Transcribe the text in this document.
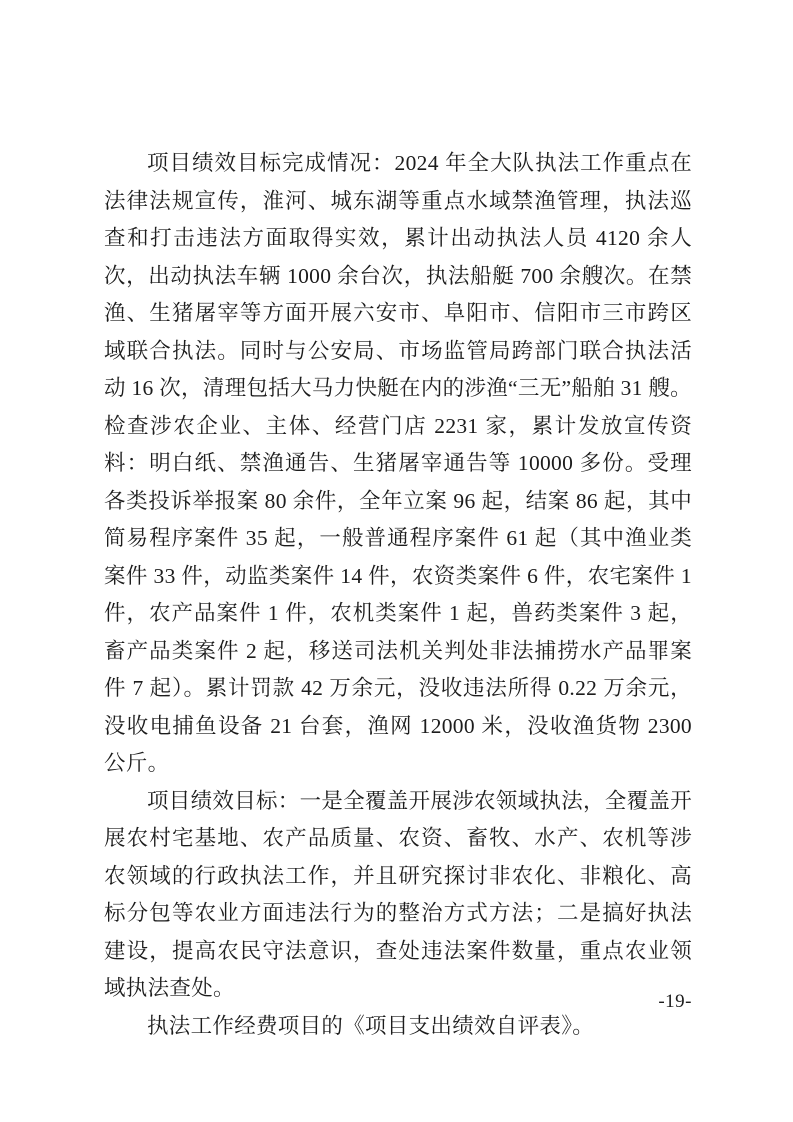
项目绩效目标完成情况：2024 年全大队执法工作重点在法律法规宣传，淮河、城东湖等重点水域禁渔管理，执法巡查和打击违法方面取得实效，累计出动执法人员 4120 余人次，出动执法车辆 1000 余台次，执法船艇 700 余艘次。在禁渔、生猪屠宰等方面开展六安市、阜阳市、信阳市三市跨区域联合执法。同时与公安局、市场监管局跨部门联合执法活动 16 次，清理包括大马力快艇在内的涉渔“三无”船舶 31 艘。检查涉农企业、主体、经营门店 2231 家，累计发放宣传资料：明白纸、禁渔通告、生猪屠宰通告等 10000 多份。受理各类投诉举报案 80 余件，全年立案 96 起，结案 86 起，其中简易程序案件 35 起，一般普通程序案件 61 起（其中渔业类案件 33 件，动监类案件 14 件，农资类案件 6 件，农宅案件 1 件，农产品案件 1 件，农机类案件 1 起，兽药类案件 3 起，畜产品类案件 2 起，移送司法机关判处非法捕捞水产品罪案件 7 起）。累计罚款 42 万余元，没收违法所得 0.22 万余元，没收电捕鱼设备 21 台套，渔网 12000 米，没收渔货物 2300 公斤。

项目绩效目标：一是全覆盖开展涉农领域执法，全覆盖开展农村宅基地、农产品质量、农资、畜牧、水产、农机等涉农领域的行政执法工作，并且研究探讨非农化、非粮化、高标分包等农业方面违法行为的整治方式方法；二是搞好执法建设，提高农民守法意识，查处违法案件数量，重点农业领域执法查处。

执法工作经费项目的《项目支出绩效自评表》。

-19-
